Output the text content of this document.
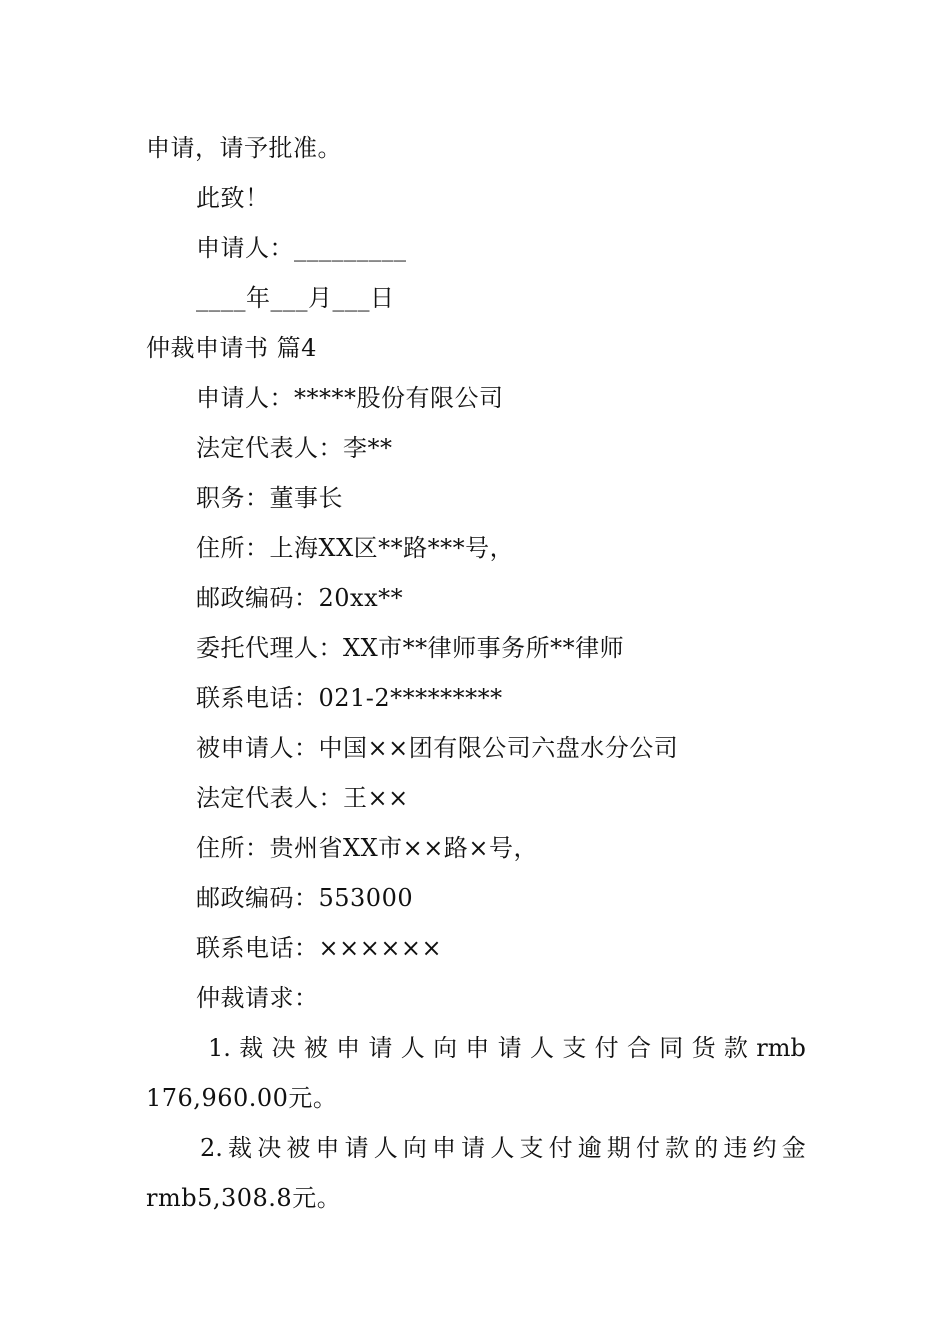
申请，请予批准。
此致！
申请人：_________
____年___月___日
仲裁申请书 篇4
申请人：*****股份有限公司
法定代表人：李**
职务：董事长
住所：上海XX区**路***号，
邮政编码：20xx**
委托代理人：XX市**律师事务所**律师
联系电话：021-2*********
被申请人：中国××团有限公司六盘水分公司
法定代表人：王××
住所：贵州省XX市××路×号，
邮政编码：553000
联系电话：××××××
仲裁请求：
1. 裁 决 被 申 请 人 向 申 请 人 支 付 合 同 货 款 rmb
176,960.00元。
2. 裁 决 被 申 请 人 向 申 请 人 支 付 逾 期 付 款 的 违 约 金
rmb5,308.8元。
